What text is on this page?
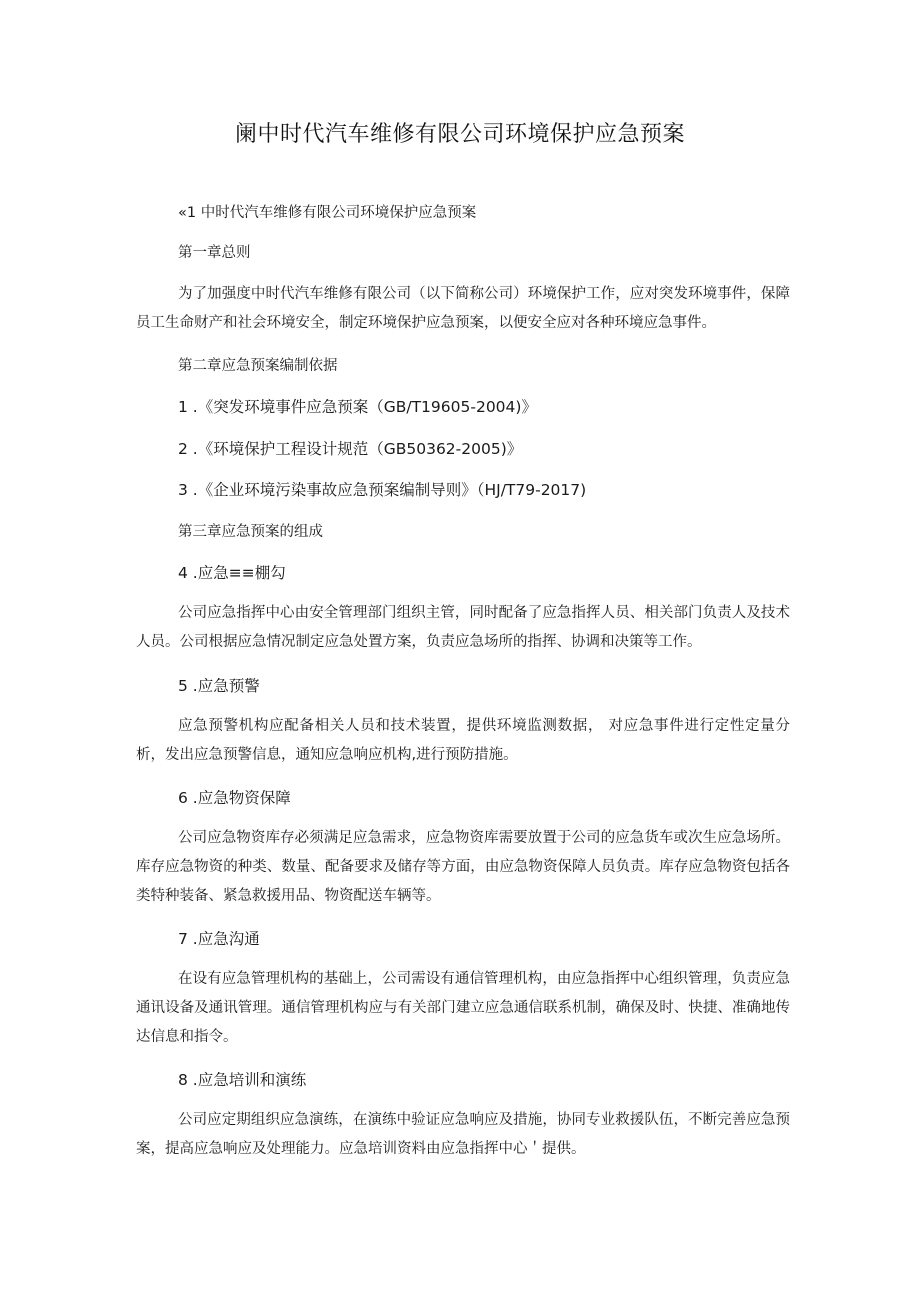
阑中时代汽车维修有限公司环境保护应急预案
«1 中时代汽车维修有限公司环境保护应急预案
第一章总则
为了加强度中时代汽车维修有限公司（以下简称公司）环境保护工作，应对突发环境事件，保障员工生命财产和社会环境安全，制定环境保护应急预案，以便安全应对各种环境应急事件。
第二章应急预案编制依据
1 .《突发环境事件应急预案（GB/T19605-2004)》
2 .《环境保护工程设计规范（GB50362-2005)》
3 .《企业环境污染事故应急预案编制导则》（HJ/T79-2017)
第三章应急预案的组成
4 .应急≡≡棚勾
公司应急指挥中心由安全管理部门组织主管，同时配备了应急指挥人员、相关部门负责人及技术人员。公司根据应急情况制定应急处置方案，负责应急场所的指挥、协调和决策等工作。
5 .应急预警
应急预警机构应配备相关人员和技术装置，提供环境监测数据， 对应急事件进行定性定量分析，发出应急预警信息，通知应急响应机构,进行预防措施。
6 .应急物资保障
公司应急物资库存必须满足应急需求，应急物资库需要放置于公司的应急货车或次生应急场所。库存应急物资的种类、数量、配备要求及储存等方面，由应急物资保障人员负责。库存应急物资包括各类特种装备、紧急救援用品、物资配送车辆等。
7 .应急沟通
在设有应急管理机构的基础上，公司需设有通信管理机构，由应急指挥中心组织管理，负责应急通讯设备及通讯管理。通信管理机构应与有关部门建立应急通信联系机制，确保及时、快捷、准确地传达信息和指令。
8 .应急培训和演练
公司应定期组织应急演练，在演练中验证应急响应及措施，协同专业救援队伍，不断完善应急预案，提高应急响应及处理能力。应急培训资料由应急指挥中心＇提供。
